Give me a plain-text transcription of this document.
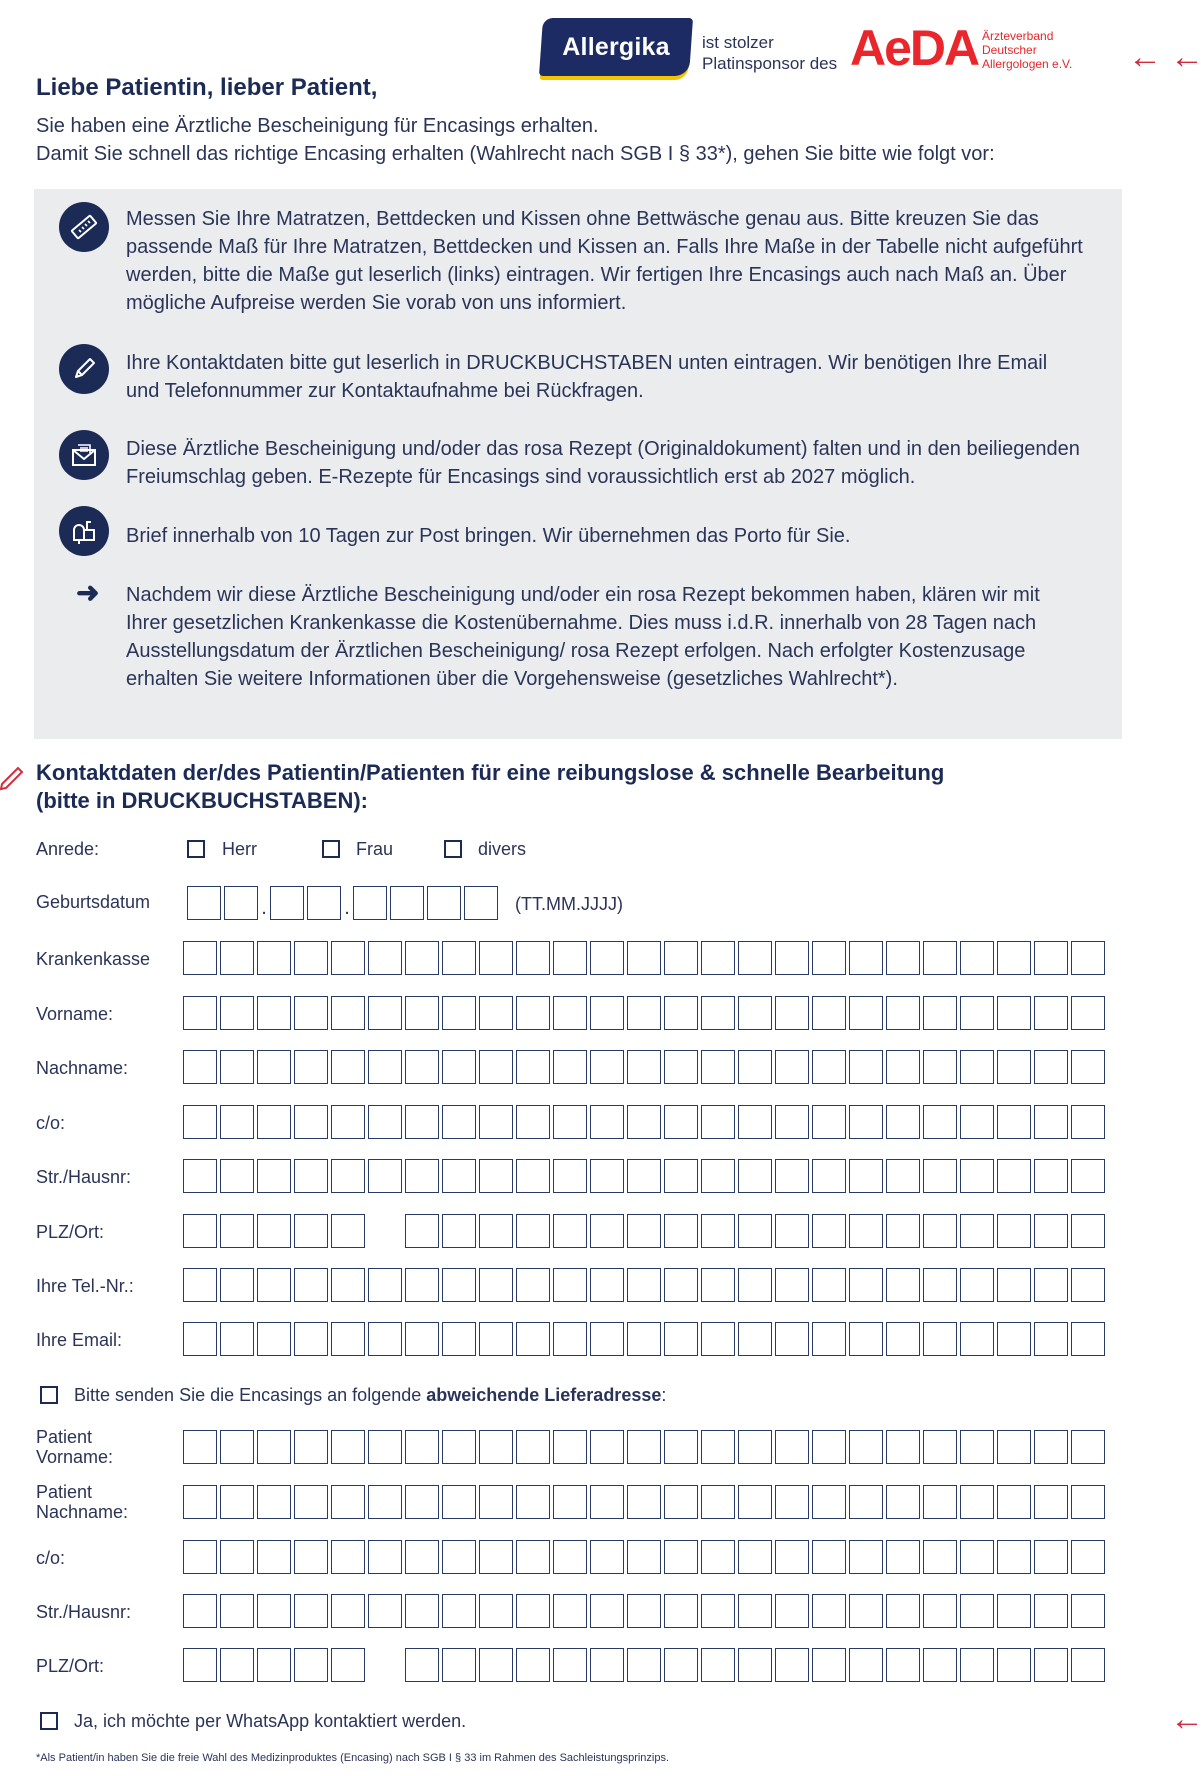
Allergika	ist stolzer
Platinsponsor des AeDA Ärzteverband
Deutscher
Allergologen e.V. ← ←
Liebe Patientin, lieber Patient,
Sie haben eine Ärztliche Bescheinigung für Encasings erhalten.
Damit Sie schnell das richtige Encasing erhalten (Wahlrecht nach SGB I § 33*), gehen Sie bitte wie folgt vor:
Messen Sie Ihre Matratzen, Bettdecken und Kissen ohne Bettwäsche genau aus. Bitte kreuzen Sie das passende Maß für Ihre Matratzen, Bettdecken und Kissen an. Falls Ihre Maße in der Tabelle nicht aufgeführt werden, bitte die Maße gut leserlich (links) eintragen. Wir fertigen Ihre Encasings auch nach Maß an. Über mögliche Aufpreise werden Sie vorab von uns informiert.
Ihre Kontaktdaten bitte gut leserlich in DRUCKBUCHSTABEN unten eintragen. Wir benötigen Ihre Email und Telefonnummer zur Kontaktaufnahme bei Rückfragen.
Diese Ärztliche Bescheinigung und/oder das rosa Rezept (Originaldokument) falten und in den beiliegenden Freiumschlag geben. E-Rezepte für Encasings sind voraussichtlich erst ab 2027 möglich.
Brief innerhalb von 10 Tagen zur Post bringen. Wir übernehmen das Porto für Sie.
➜ Nachdem wir diese Ärztliche Bescheinigung und/oder ein rosa Rezept bekommen haben, klären wir mit Ihrer gesetzlichen Krankenkasse die Kostenübernahme. Dies muss i.d.R. innerhalb von 28 Tagen nach Ausstellungsdatum der Ärztlichen Bescheinigung/ rosa Rezept erfolgen. Nach erfolgter Kostenzusage erhalten Sie weitere Informationen über die Vorgehensweise (gesetzliches Wahlrecht*).
Kontaktdaten der/des Patientin/Patienten für eine reibungslose & schnelle Bearbeitung
(bitte in DRUCKBUCHSTABEN):
Anrede:	Herr	Frau	divers
Geburtsdatum	.	.	(TT.MM.JJJJ)
Krankenkasse
Vorname:
Nachname:
c/o:
Str./Hausnr:
PLZ/Ort:
Ihre Tel.-Nr.:
Ihre Email:
Bitte senden Sie die Encasings an folgende abweichende Lieferadresse:
Patient
Vorname:
Patient
Nachname:
c/o:
Str./Hausnr:
PLZ/Ort:
Ja, ich möchte per WhatsApp kontaktiert werden.	←
*Als Patient/in haben Sie die freie Wahl des Medizinproduktes (Encasing) nach SGB I § 33 im Rahmen des Sachleistungsprinzips.
